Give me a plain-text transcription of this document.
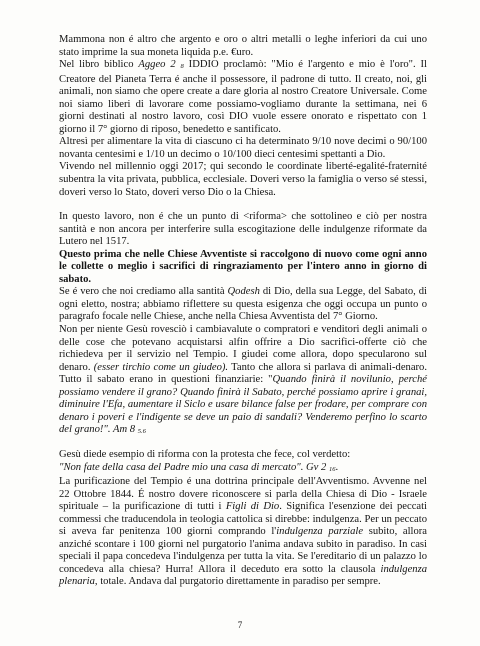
Mammona non é altro che argento e oro o altri metalli o leghe inferiori da cui uno stato imprime la sua moneta liquida p.e. €uro.

Nel libro biblico Aggeo 2 $_8$ IDDIO proclamò: "Mio é l'argento e mio è l'oro". Il Creatore del Pianeta Terra é anche il possessore, il padrone di tutto. Il creato, noi, gli animali, non siamo che opere create a dare gloria al nostro Creatore Universale. Come noi siamo liberi di lavorare come possiamo-vogliamo durante la settimana, nei 6 giorni destinati al nostro lavoro, così DIO vuole essere onorato e rispettato con 1 giorno il 7° giorno di riposo, benedetto e santificato.

Altresì per alimentare la vita di ciascuno ci ha determinato 9/10 nove decimi o 90/100 novanta centesimi e 1/10 un decimo o 10/100 dieci centesimi spettanti a Dio.

Vivendo nel millennio oggi 2017; qui secondo le coordinate liberté-egalité-fraternité subentra la vita privata, pubblica, ecclesiale. Doveri verso la famiglia o verso sé stessi, doveri verso lo Stato, doveri verso Dio o la Chiesa.

In questo lavoro, non é che un punto di <riforma> che sottolineo e ciò per nostra santità e non ancora per interferire sulla escogitazione delle indulgenze riformate da Lutero nel 1517.

Questo prima che nelle Chiese Avventiste si raccolgono di nuovo come ogni anno le collette o meglio i sacrifici di ringraziamento per l'intero anno in giorno di sabato.

Se é vero che noi crediamo alla santità Qodesh di Dio, della sua Legge, del Sabato, di ogni eletto, nostra; abbiamo riflettere su questa esigenza che oggi occupa un punto o paragrafo focale nelle Chiese, anche nella Chiesa Avventista del 7° Giorno.

Non per niente Gesù rovesciò i cambiavalute o compratori e venditori degli animali o delle cose che potevano acquistarsi alfin offrire a Dio sacrifici-offerte ciò che richiedeva per il servizio nel Tempio. I giudei come allora, dopo specularono sul denaro. (esser tirchio come un giudeo). Tanto che allora si parlava di animali-denaro. Tutto il sabato erano in questioni finanziarie: "Quando finirà il novilunio, perché possiamo vendere il grano? Quando finirà il Sabato, perché possiamo aprire i granai, diminuire l'Efa, aumentare il Siclo e usare bilance false per frodare, per comprare con denaro i poveri e l'indigente se deve un paio di sandali? Venderemo perfino lo scarto del grano!". Am 8 $_{5.6}$

Gesù diede esempio di riforma con la protesta che fece, col verdetto:

"Non fate della casa del Padre mio una casa di mercato". Gv 2 $_{16}$.

La purificazione del Tempio é una dottrina principale dell'Avventismo. Avvenne nel 22 Ottobre 1844. É nostro dovere riconoscere si parla della Chiesa di Dio - Israele spirituale – la purificazione di tutti i Figli di Dio. Significa l'esenzione dei peccati commessi che traducendola in teologia cattolica si direbbe: indulgenza. Per un peccato si aveva far penitenza 100 giorni comprando l'indulgenza parziale subito, allora anziché scontare i 100 giorni nel purgatorio l'anima andava subito in paradiso. In casi speciali il papa concedeva l'indulgenza per tutta la vita. Se l'ereditario di un palazzo lo concedeva alla chiesa? Hurra! Allora il deceduto era sotto la clausola indulgenza plenaria, totale. Andava dal purgatorio direttamente in paradiso per sempre.

7
